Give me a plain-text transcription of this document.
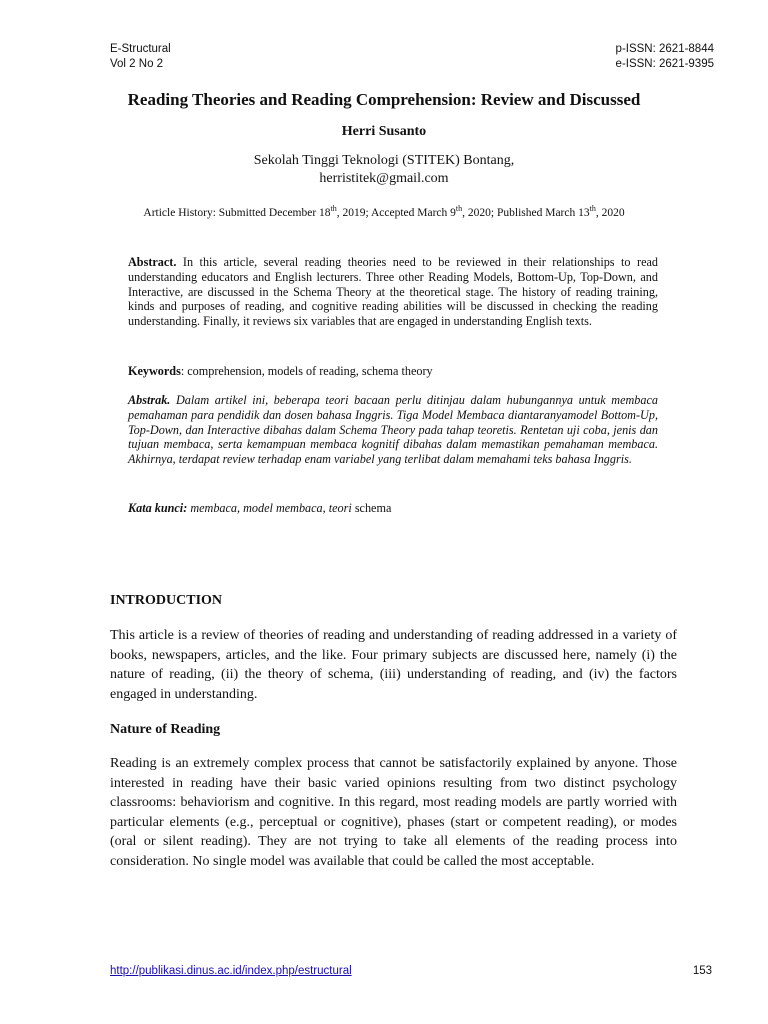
E-Structural
Vol 2 No 2
p-ISSN: 2621-8844
e-ISSN: 2621-9395
Reading Theories and Reading Comprehension: Review and Discussed
Herri Susanto
Sekolah Tinggi Teknologi (STITEK) Bontang,
herristitek@gmail.com
Article History: Submitted December 18th, 2019; Accepted March 9th, 2020; Published March 13th, 2020
Abstract. In this article, several reading theories need to be reviewed in their relationships to read understanding educators and English lecturers. Three other Reading Models, Bottom-Up, Top-Down, and Interactive, are discussed in the Schema Theory at the theoretical stage. The history of reading training, kinds and purposes of reading, and cognitive reading abilities will be discussed in checking the reading understanding. Finally, it reviews six variables that are engaged in understanding English texts.
Keywords: comprehension, models of reading, schema theory
Abstrak. Dalam artikel ini, beberapa teori bacaan perlu ditinjau dalam hubungannya untuk membaca pemahaman para pendidik dan dosen bahasa Inggris. Tiga Model Membaca diantaranyamodel Bottom-Up, Top-Down, dan Interactive dibahas dalam Schema Theory pada tahap teoretis. Rentetan uji coba, jenis dan tujuan membaca, serta kemampuan membaca kognitif dibahas dalam memastikan pemahaman membaca. Akhirnya, terdapat review terhadap enam variabel yang terlibat dalam memahami teks bahasa Inggris.
Kata kunci: membaca, model membaca, teori schema
INTRODUCTION
This article is a review of theories of reading and understanding of reading addressed in a variety of books, newspapers, articles, and the like. Four primary subjects are discussed here, namely (i) the nature of reading, (ii) the theory of schema, (iii) understanding of reading, and (iv) the factors engaged in understanding.
Nature of Reading
Reading is an extremely complex process that cannot be satisfactorily explained by anyone. Those interested in reading have their basic varied opinions resulting from two distinct psychology classrooms: behaviorism and cognitive. In this regard, most reading models are partly worried with particular elements (e.g., perceptual or cognitive), phases (start or competent reading), or modes (oral or silent reading). They are not trying to take all elements of the reading process into consideration. No single model was available that could be called the most acceptable.
http://publikasi.dinus.ac.id/index.php/estructural	153
